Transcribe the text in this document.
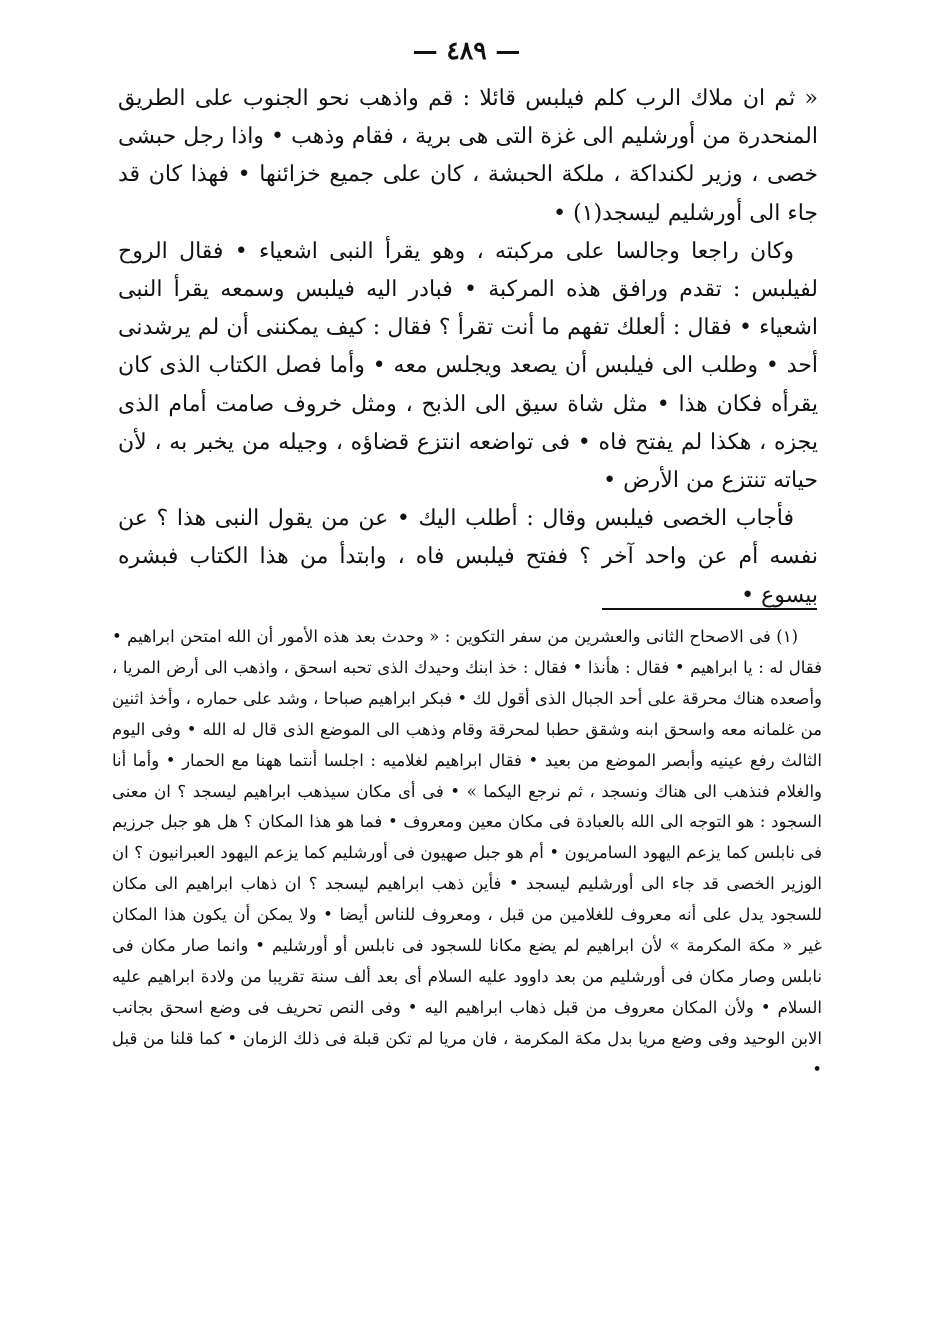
— ٤٨٩ —

« ثم ان ملاك الرب كلم فيلبس قائلا : قم واذهب نحو الجنوب على الطريق المنحدرة من أورشليم الى غزة التى هى برية ، فقام وذهب • واذا رجل حبشى خصى ، وزير لكنداكة ، ملكة الحبشة ، كان على جميع خزائنها • فهذا كان قد جاء الى أورشليم ليسجد(١) •

وكان راجعا وجالسا على مركبته ، وهو يقرأ النبى اشعياء • فقال الروح لفيلبس : تقدم ورافق هذه المركبة • فبادر اليه فيلبس وسمعه يقرأ النبى اشعياء • فقال : ألعلك تفهم ما أنت تقرأ ؟ فقال : كيف يمكننى أن لم يرشدنى أحد • وطلب الى فيلبس أن يصعد ويجلس معه • وأما فصل الكتاب الذى كان يقرأه فكان هذا • مثل شاة سيق الى الذبح ، ومثل خروف صامت أمام الذى يجزه ، هكذا لم يفتح فاه • فى تواضعه انتزع قضاؤه ، وجيله من يخبر به ، لأن حياته تنتزع من الأرض •

فأجاب الخصى فيلبس وقال : أطلب اليك • عن من يقول النبى هذا ؟ عن نفسه أم عن واحد آخر ؟ ففتح فيلبس فاه ، وابتدأ من هذا الكتاب فبشره بيسوع •

(١) فى الاصحاح الثانى والعشرين من سفر التكوين : « وحدث بعد هذه الأمور أن الله امتحن ابراهيم • فقال له : يا ابراهيم • فقال : هأنذا • فقال : خذ ابنك وحيدك الذى تحبه اسحق ، واذهب الى أرض المريا ، وأصعده هناك محرقة على أحد الجبال الذى أقول لك • فبكر ابراهيم صباحا ، وشد على حماره ، وأخذ اثنين من غلمانه معه واسحق ابنه وشقق حطبا لمحرقة وقام وذهب الى الموضع الذى قال له الله • وفى اليوم الثالث رفع عينيه وأبصر الموضع من بعيد • فقال ابراهيم لغلاميه : اجلسا أنتما ههنا مع الحمار • وأما أنا والغلام فنذهب الى هناك ونسجد ، ثم نرجع اليكما » • فى أى مكان سيذهب ابراهيم ليسجد ؟ ان معنى السجود : هو التوجه الى الله بالعبادة فى مكان معين ومعروف • فما هو هذا المكان ؟ هل هو جبل جرزيم فى نابلس كما يزعم اليهود السامريون • أم هو جبل صهيون فى أورشليم كما يزعم اليهود العبرانيون ؟ ان الوزير الخصى قد جاء الى أورشليم ليسجد • فأين ذهب ابراهيم ليسجد ؟ ان ذهاب ابراهيم الى مكان للسجود يدل على أنه معروف للغلامين من قبل ، ومعروف للناس أيضا • ولا يمكن أن يكون هذا المكان غير « مكة المكرمة » لأن ابراهيم لم يضع مكانا للسجود فى نابلس أو أورشليم • وانما صار مكان فى نابلس وصار مكان فى أورشليم من بعد داوود عليه السلام أى بعد ألف سنة تقريبا من ولادة ابراهيم عليه السلام • ولأن المكان معروف من قبل ذهاب ابراهيم اليه • وفى النص تحريف فى وضع اسحق بجانب الابن الوحيد وفى وضع مريا بدل مكة المكرمة ، فان مريا لم تكن قبلة فى ذلك الزمان • كما قلنا من قبل •
